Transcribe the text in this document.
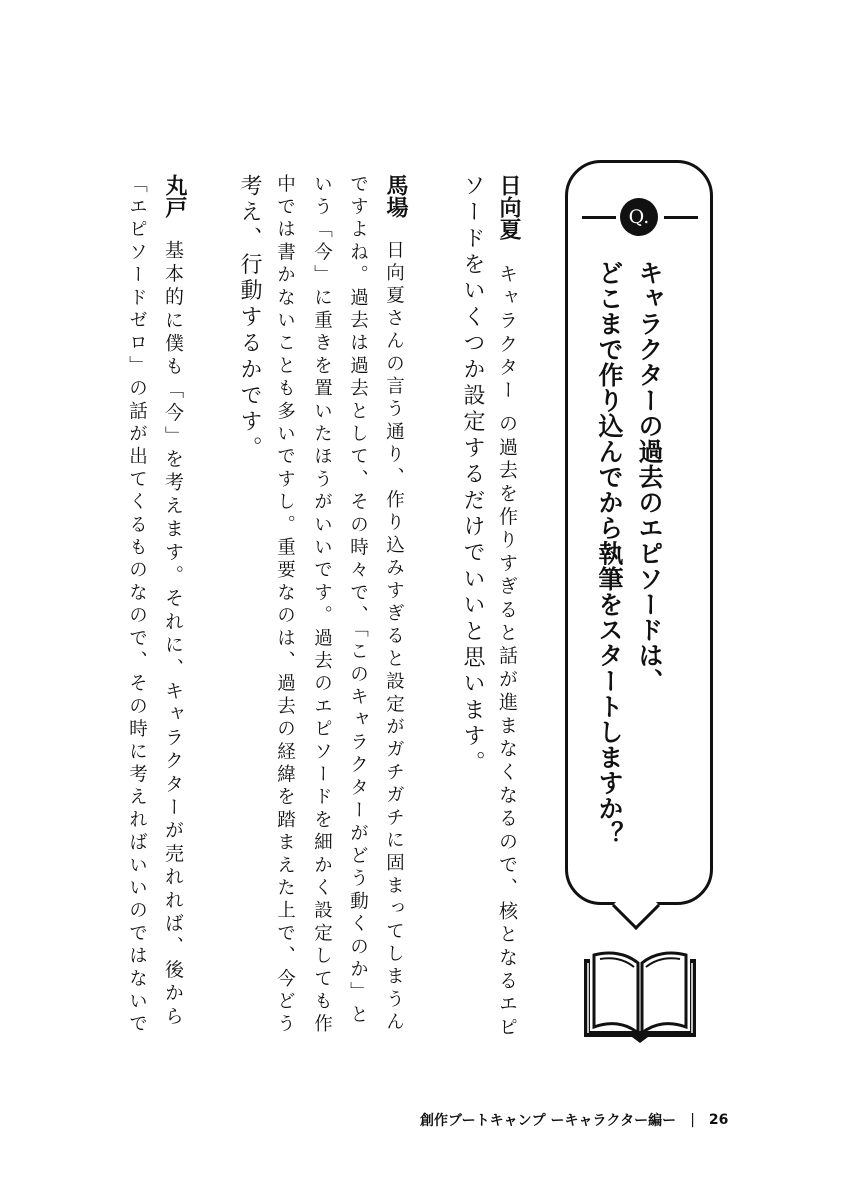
Q.
キャラクターの過去のエピソードは、
どこまで作り込んでから執筆をスタートしますか？
日向夏
キャラクター の過去を作りすぎると話が進まなくなるので、核となるエピ
ソードをいくつか設定するだけでいいと思います。
馬場
日向夏さんの言う通り、作り込みすぎると設定がガチガチに固まってしまうん
ですよね。過去は過去として、その時々で、「このキャラクターがどう動くのか」と
いう「今」に重きを置いたほうがいいです。過去のエピソードを細かく設定しても作
中では書かないことも多いですし。重要なのは、過去の経緯を踏まえた上で、今どう
考え、行動するかです。
丸戸
基本的に僕も「今」を考えます。それに、キャラクターが売れれば、後から
「エピソードゼロ」の話が出てくるものなので、その時に考えればいいのではないで
創作ブートキャンプ ーキャラクター編ー | 26
